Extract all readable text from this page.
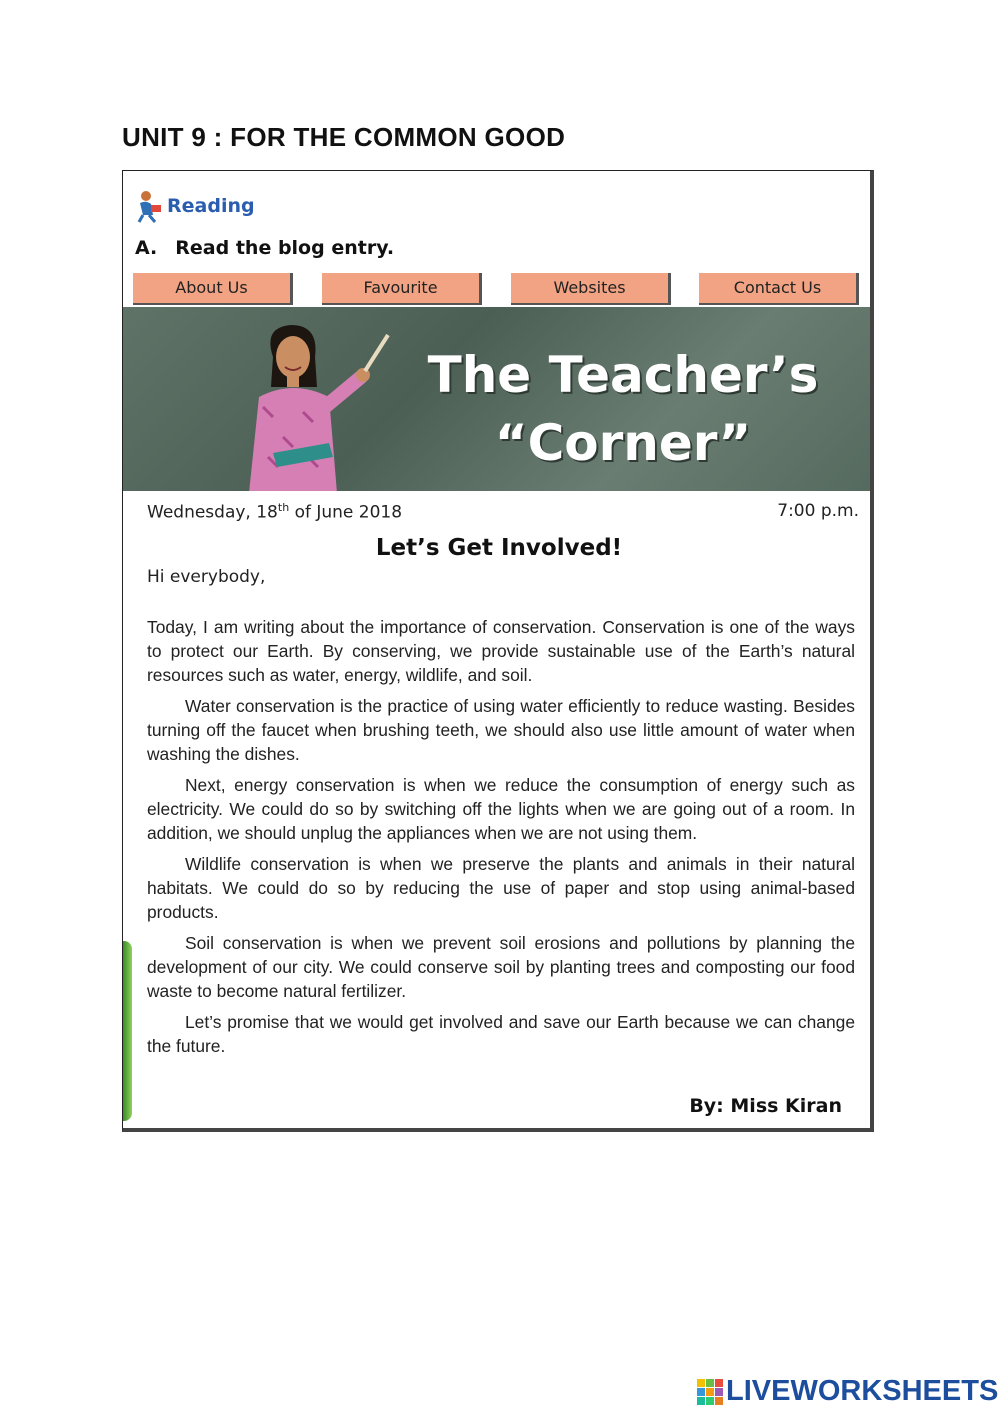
UNIT 9 : FOR THE COMMON GOOD
Reading
A. Read the blog entry.
About Us	Favourite	Websites	Contact Us
The Teacher’s
“Corner”
Wednesday, 18th of June 2018	7:00 p.m.
Let’s Get Involved!
Hi everybody,

Today, I am writing about the importance of conservation. Conservation is one of the ways to protect our Earth. By conserving, we provide sustainable use of the Earth’s natural resources such as water, energy, wildlife, and soil.

Water conservation is the practice of using water efficiently to reduce wasting. Besides turning off the faucet when brushing teeth, we should also use little amount of water when washing the dishes.

Next, energy conservation is when we reduce the consumption of energy such as electricity. We could do so by switching off the lights when we are going out of a room. In addition, we should unplug the appliances when we are not using them.

Wildlife conservation is when we preserve the plants and animals in their natural habitats. We could do so by reducing the use of paper and stop using animal-based products.

Soil conservation is when we prevent soil erosions and pollutions by planning the development of our city. We could conserve soil by planting trees and composting our food waste to become natural fertilizer.

Let’s promise that we would get involved and save our Earth because we can change the future.

By: Miss Kiran
LIVEWORKSHEETS
